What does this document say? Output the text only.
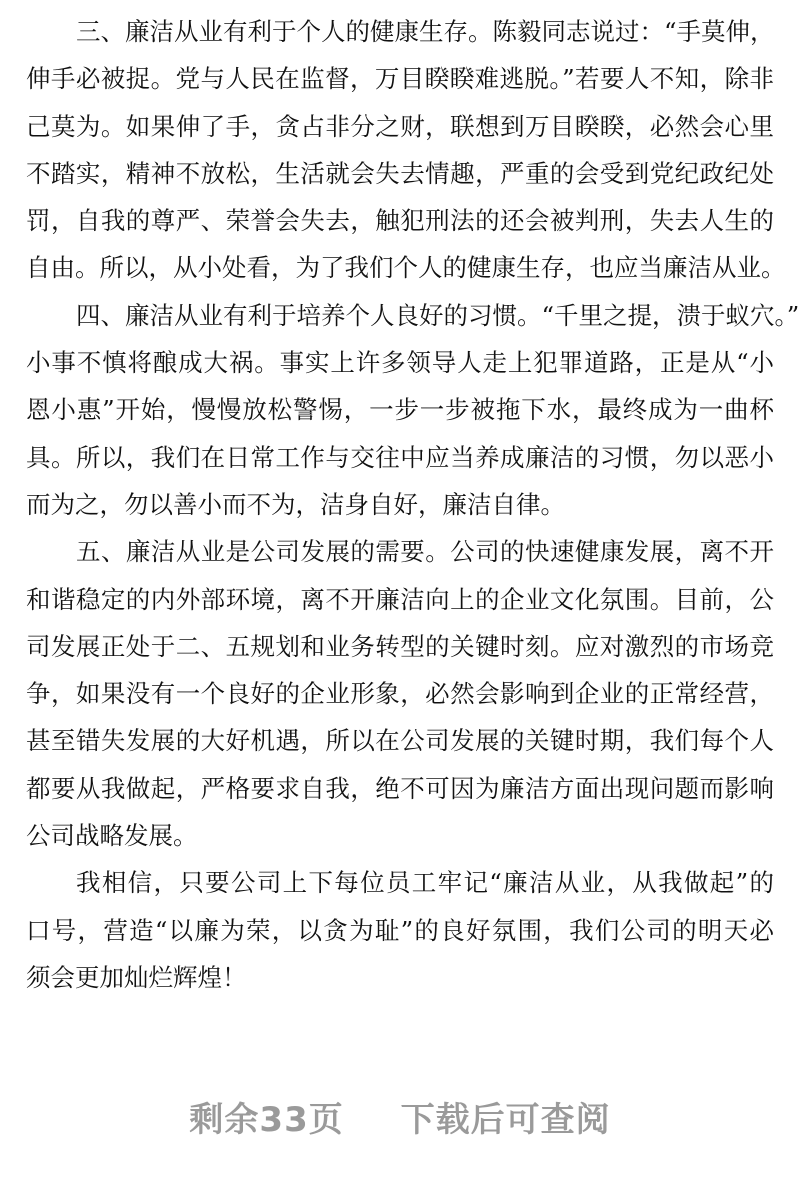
三、廉洁从业有利于个人的健康生存。陈毅同志说过：“手莫伸，
伸手必被捉。党与人民在监督，万目睽睽难逃脱。”若要人不知，除非
己莫为。如果伸了手，贪占非分之财，联想到万目睽睽，必然会心里
不踏实，精神不放松，生活就会失去情趣，严重的会受到党纪政纪处
罚，自我的尊严、荣誉会失去，触犯刑法的还会被判刑，失去人生的
自由。所以，从小处看，为了我们个人的健康生存，也应当廉洁从业。
四、廉洁从业有利于培养个人良好的习惯。“千里之提，溃于蚁穴。”
小事不慎将酿成大祸。事实上许多领导人走上犯罪道路，正是从“小
恩小惠”开始，慢慢放松警惕，一步一步被拖下水，最终成为一曲杯
具。所以，我们在日常工作与交往中应当养成廉洁的习惯，勿以恶小
而为之，勿以善小而不为，洁身自好，廉洁自律。
五、廉洁从业是公司发展的需要。公司的快速健康发展，离不开
和谐稳定的内外部环境，离不开廉洁向上的企业文化氛围。目前，公
司发展正处于二、五规划和业务转型的关键时刻。应对激烈的市场竞
争，如果没有一个良好的企业形象，必然会影响到企业的正常经营，
甚至错失发展的大好机遇，所以在公司发展的关键时期，我们每个人
都要从我做起，严格要求自我，绝不可因为廉洁方面出现问题而影响
公司战略发展。
我相信，只要公司上下每位员工牢记“廉洁从业，从我做起”的
口号，营造“以廉为荣，以贪为耻”的良好氛围，我们公司的明天必
须会更加灿烂辉煌！
剩余33页 下载后可查阅
